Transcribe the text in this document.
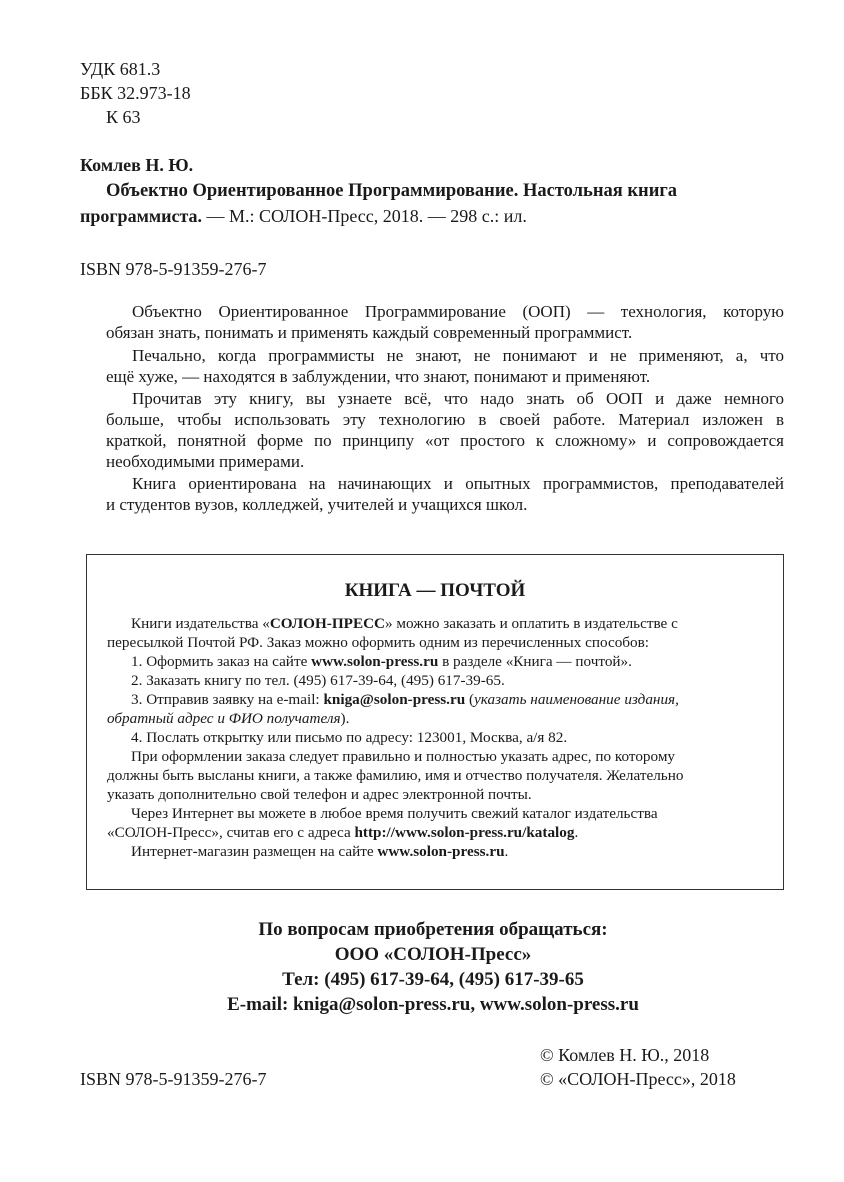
УДК 681.3
ББК 32.973-18
К 63
Комлев Н. Ю.
Объектно Ориентированное Программирование. Настольная книга
программиста. — М.: СОЛОН-Пресс, 2018. — 298 с.: ил.
ISBN 978-5-91359-276-7
Объектно Ориентированное Программирование (ООП) — технология, которую
обязан знать, понимать и применять каждый современный программист.
Печально, когда программисты не знают, не понимают и не применяют, а, что
ещё хуже, — находятся в заблуждении, что знают, понимают и применяют.
Прочитав эту книгу, вы узнаете всё, что надо знать об ООП и даже немного
больше, чтобы использовать эту технологию в своей работе. Материал изложен в
краткой, понятной форме по принципу «от простого к сложному» и сопровождается
необходимыми примерами.
Книга ориентирована на начинающих и опытных программистов, преподавателей
и студентов вузов, колледжей, учителей и учащихся школ.
КНИГА — ПОЧТОЙ
Книги издательства «СОЛОН-ПРЕСС» можно заказать и оплатить в издательстве с
пересылкой Почтой РФ. Заказ можно оформить одним из перечисленных способов:
1. Оформить заказ на сайте www.solon-press.ru в разделе «Книга — почтой».
2. Заказать книгу по тел. (495) 617-39-64, (495) 617-39-65.
3. Отправив заявку на e-mail: kniga@solon-press.ru (указать наименование издания,
обратный адрес и ФИО получателя).
4. Послать открытку или письмо по адресу: 123001, Москва, а/я 82.
При оформлении заказа следует правильно и полностью указать адрес, по которому
должны быть высланы книги, а также фамилию, имя и отчество получателя. Желательно
указать дополнительно свой телефон и адрес электронной почты.
Через Интернет вы можете в любое время получить свежий каталог издательства
«СОЛОН-Пресс», считав его с адреса http://www.solon-press.ru/katalog.
Интернет-магазин размещен на сайте www.solon-press.ru.
По вопросам приобретения обращаться:
ООО «СОЛОН-Пресс»
Тел: (495) 617-39-64, (495) 617-39-65
E-mail: kniga@solon-press.ru, www.solon-press.ru
ISBN 978-5-91359-276-7
© Комлев Н. Ю., 2018
© «СОЛОН-Пресс», 2018
